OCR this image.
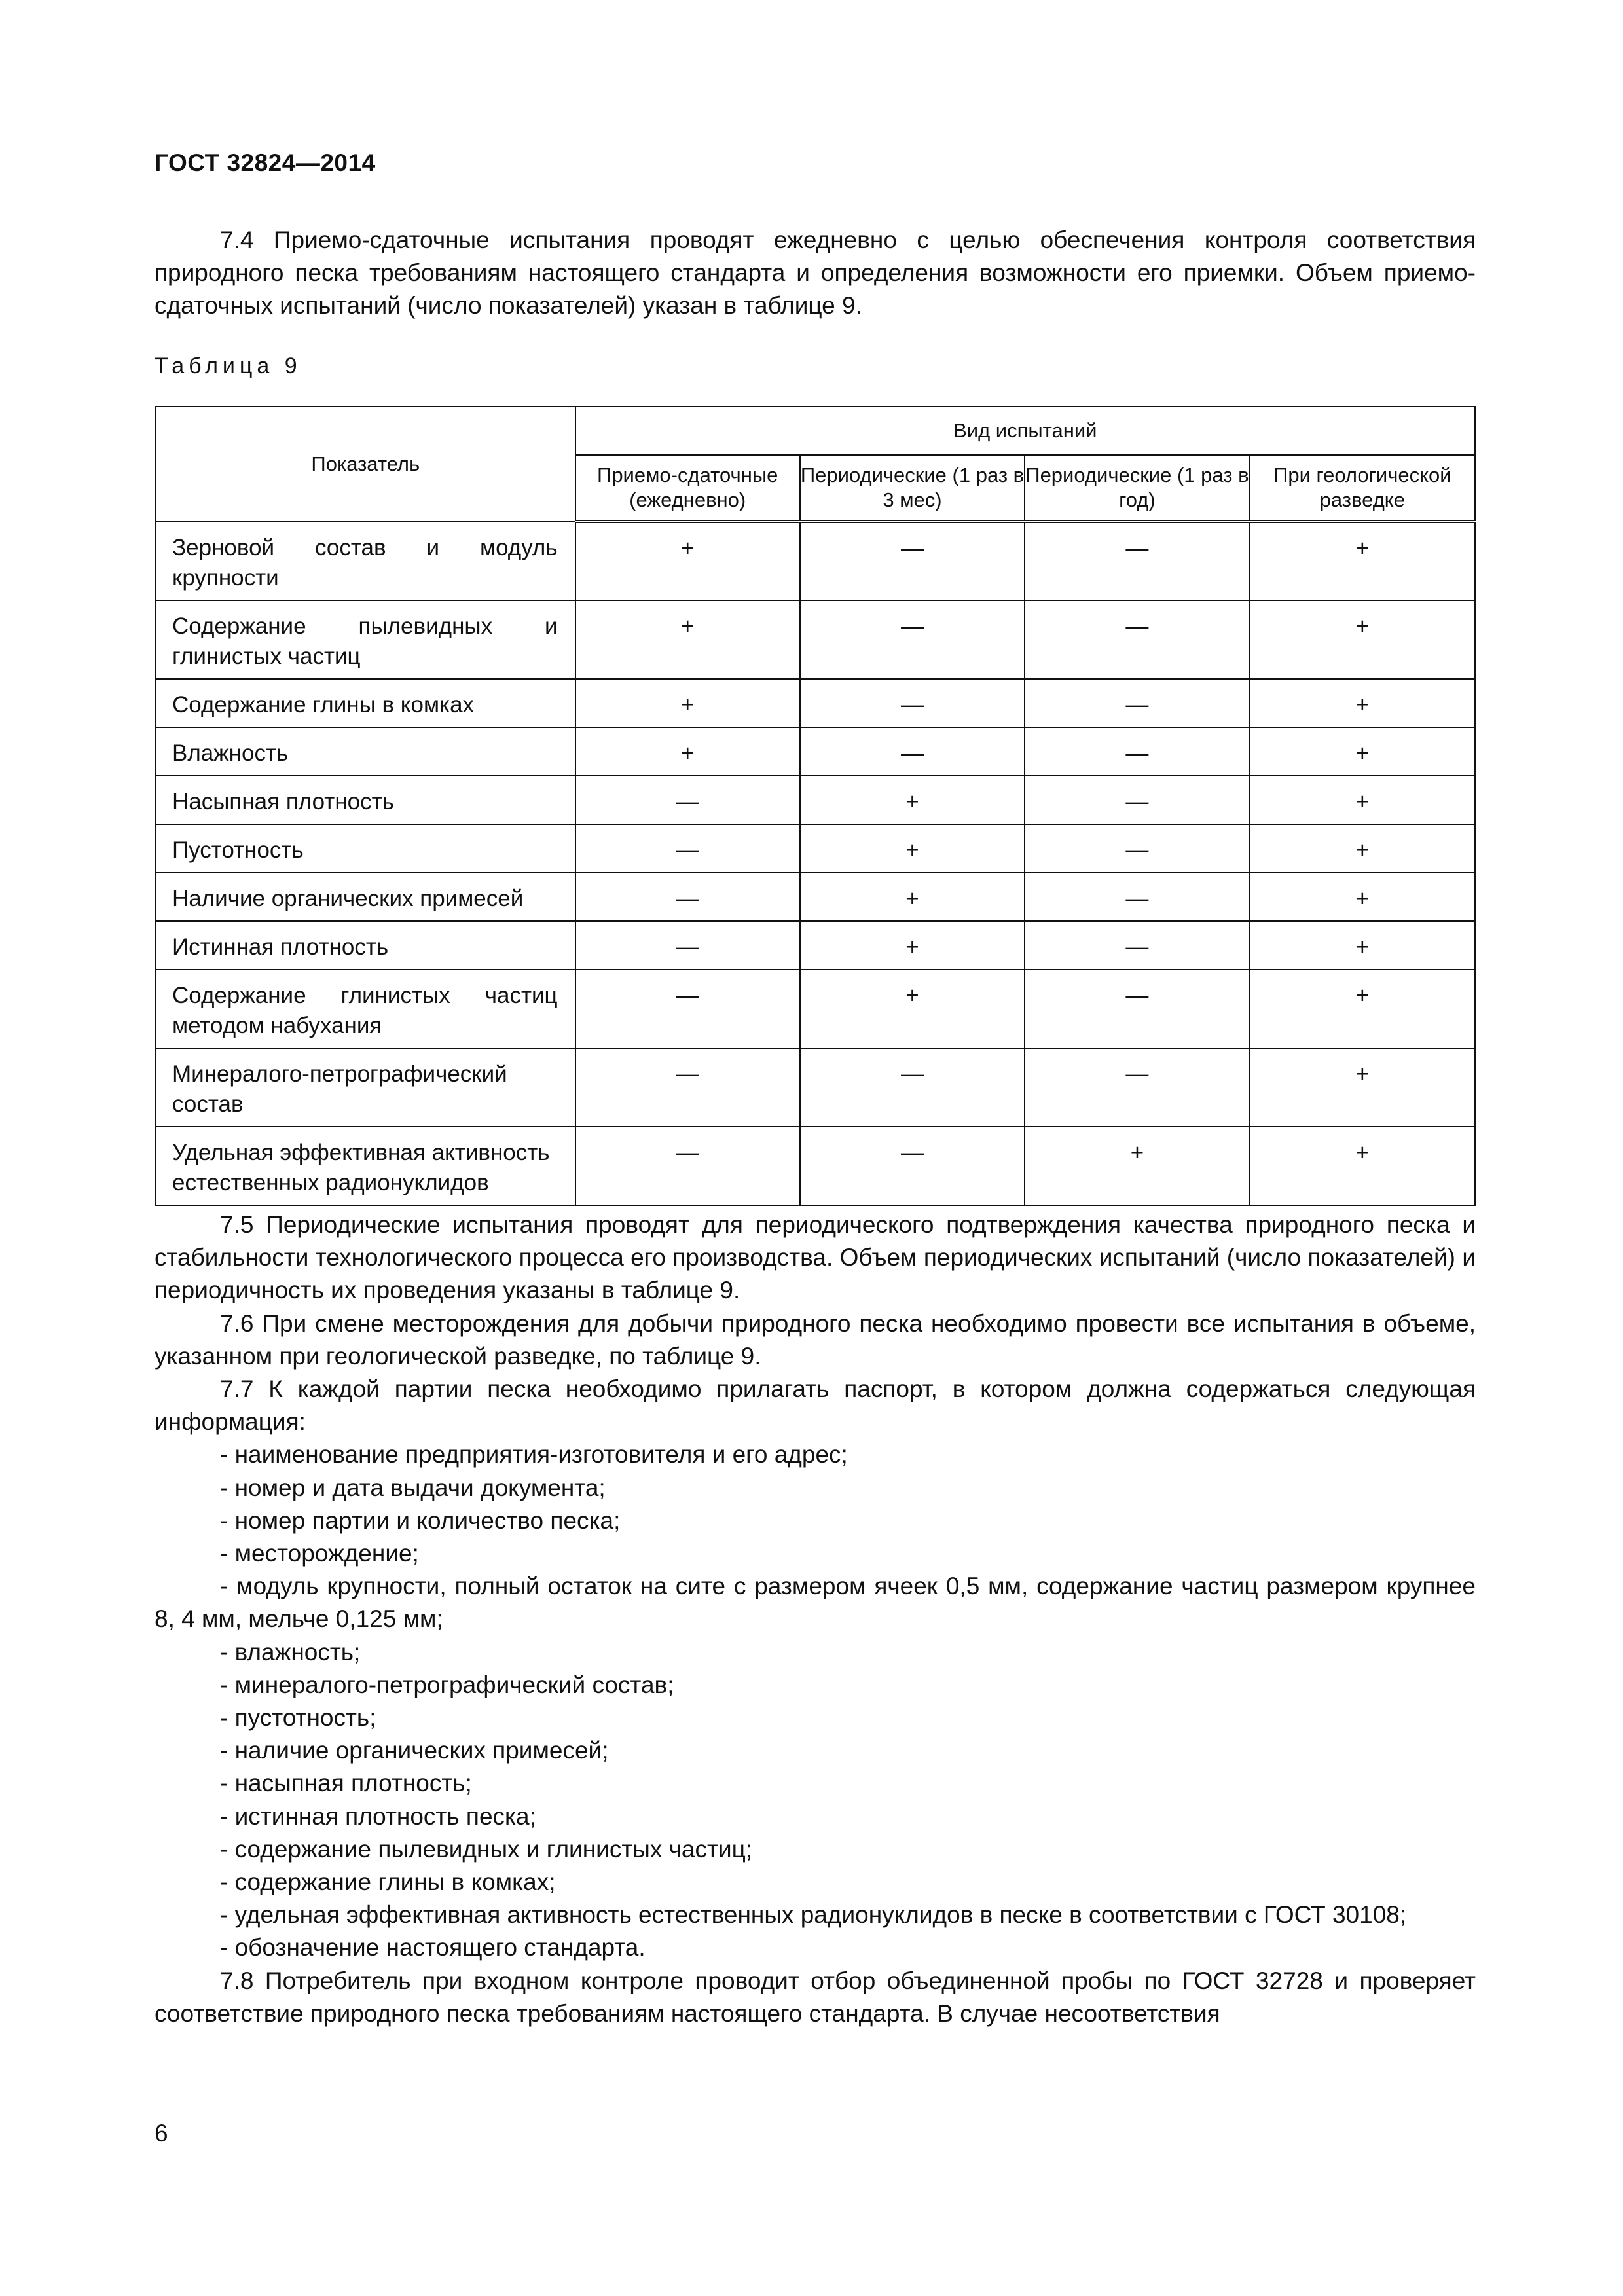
ГОСТ 32824—2014

7.4 Приемо-сдаточные испытания проводят ежедневно с целью обеспечения контроля соответствия природного песка требованиям настоящего стандарта и определения возможности его приемки. Объем приемо-сдаточных испытаний (число показателей) указан в таблице 9.

Таблица 9
Показатель	Вид испытаний			
	Приемо-сдаточные (ежедневно)	Периодические (1 раз в 3 мес)	Периодические (1 раз в год)	При геологической разведке
Зерновой состав и модуль крупности	+	—	—	+
Содержание пылевидных и глинистых частиц	+	—	—	+
Содержание глины в комках	+	—	—	+
Влажность	+	—	—	+
Насыпная плотность	—	+	—	+
Пустотность	—	+	—	+
Наличие органических примесей	—	+	—	+
Истинная плотность	—	+	—	+
Содержание глинистых частиц методом набухания	—	+	—	+
Минералого-петрографический состав	—	—	—	+
Удельная эффективная активность естественных радионуклидов	—	—	+	+

7.5 Периодические испытания проводят для периодического подтверждения качества природного песка и стабильности технологического процесса его производства. Объем периодических испытаний (число показателей) и периодичность их проведения указаны в таблице 9.

7.6 При смене месторождения для добычи природного песка необходимо провести все испытания в объеме, указанном при геологической разведке, по таблице 9.

7.7 К каждой партии песка необходимо прилагать паспорт, в котором должна содержаться следующая информация:

- наименование предприятия-изготовителя и его адрес;

- номер и дата выдачи документа;

- номер партии и количество песка;

- месторождение;

- модуль крупности, полный остаток на сите с размером ячеек 0,5 мм, содержание частиц размером крупнее 8, 4 мм, мельче 0,125 мм;

- влажность;

- минералого-петрографический состав;

- пустотность;

- наличие органических примесей;

- насыпная плотность;

- истинная плотность песка;

- содержание пылевидных и глинистых частиц;

- содержание глины в комках;

- удельная эффективная активность естественных радионуклидов в песке в соответствии с ГОСТ 30108;

- обозначение настоящего стандарта.

7.8 Потребитель при входном контроле проводит отбор объединенной пробы по ГОСТ 32728 и проверяет соответствие природного песка требованиям настоящего стандарта. В случае несоответствия

6
